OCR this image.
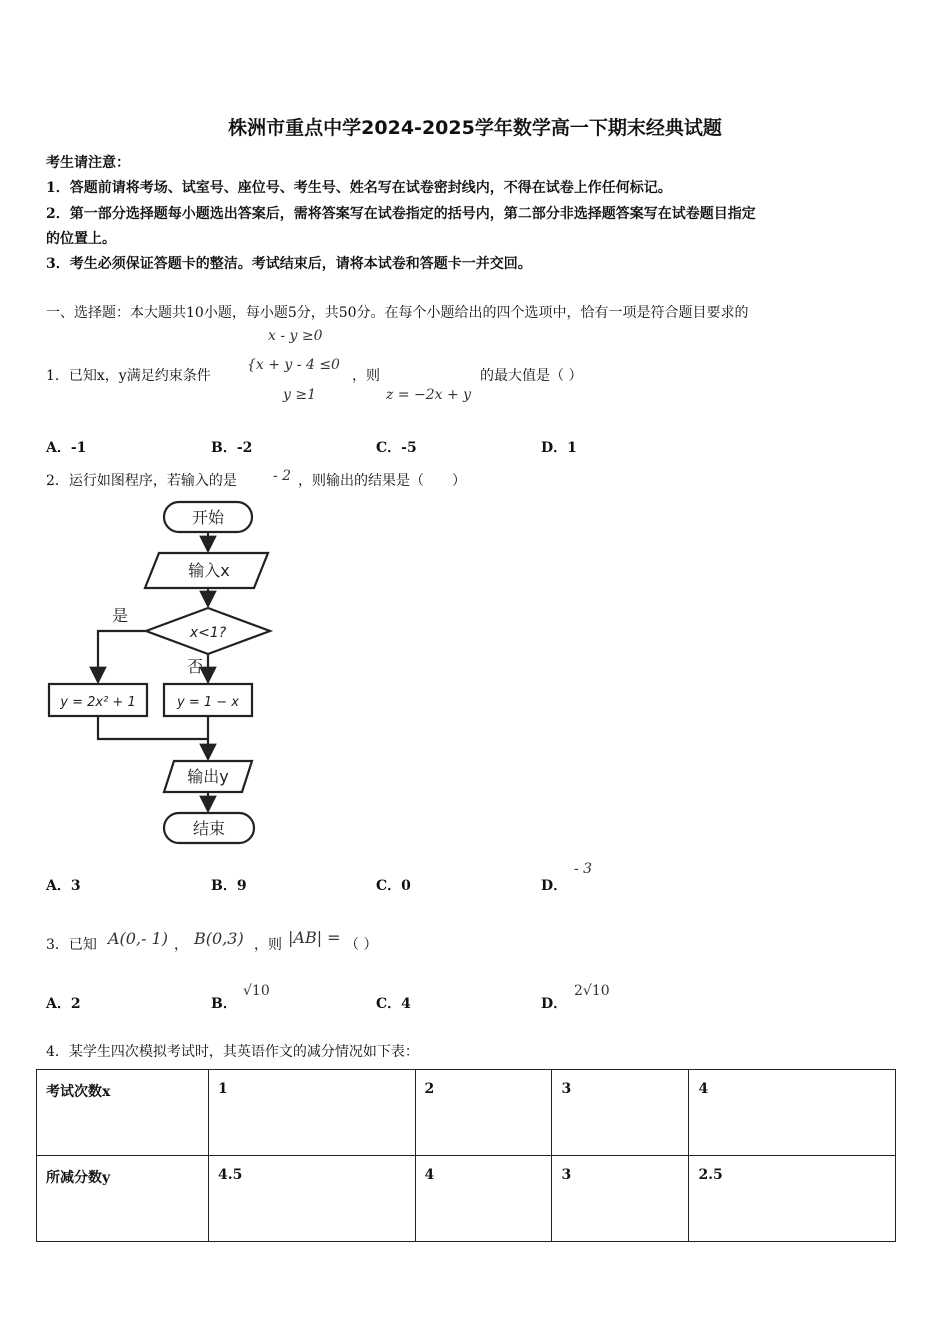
株洲市重点中学2024-2025学年数学高一下期末经典试题
考生请注意：
1．答题前请将考场、试室号、座位号、考生号、姓名写在试卷密封线内，不得在试卷上作任何标记。
2．第一部分选择题每小题选出答案后，需将答案写在试卷指定的括号内，第二部分非选择题答案写在试卷题目指定
的位置上。
3．考生必须保证答题卡的整洁。考试结束后，请将本试卷和答题卡一并交回。
一、选择题：本大题共10小题，每小题5分，共50分。在每个小题给出的四个选项中，恰有一项是符合题目要求的
x - y ≥0
1．已知x，y满足约束条件
{x + y - 4 ≤0
，则	的最大值是（ ）
y ≥1	z = −2x + y
A．-1	B．-2	C．-5	D．1
2．运行如图程序，若输入的是	- 2 ，则输出的结果是（　　）
开始
输入x
x<1?
是
否
y = 2x² + 1	y = 1 − x
输出y
结束
A．3	B．9	C．0	D．
- 3
3．已知 A(0,- 1) ， B(0,3) ，则 |AB| = （ ）
A．2	B．
√10
C．4	D．
2√10
4．某学生四次模拟考试时，其英语作文的减分情况如下表：
考试次数x	1	2	3	4
所减分数y	4.5	4	3	2.5
